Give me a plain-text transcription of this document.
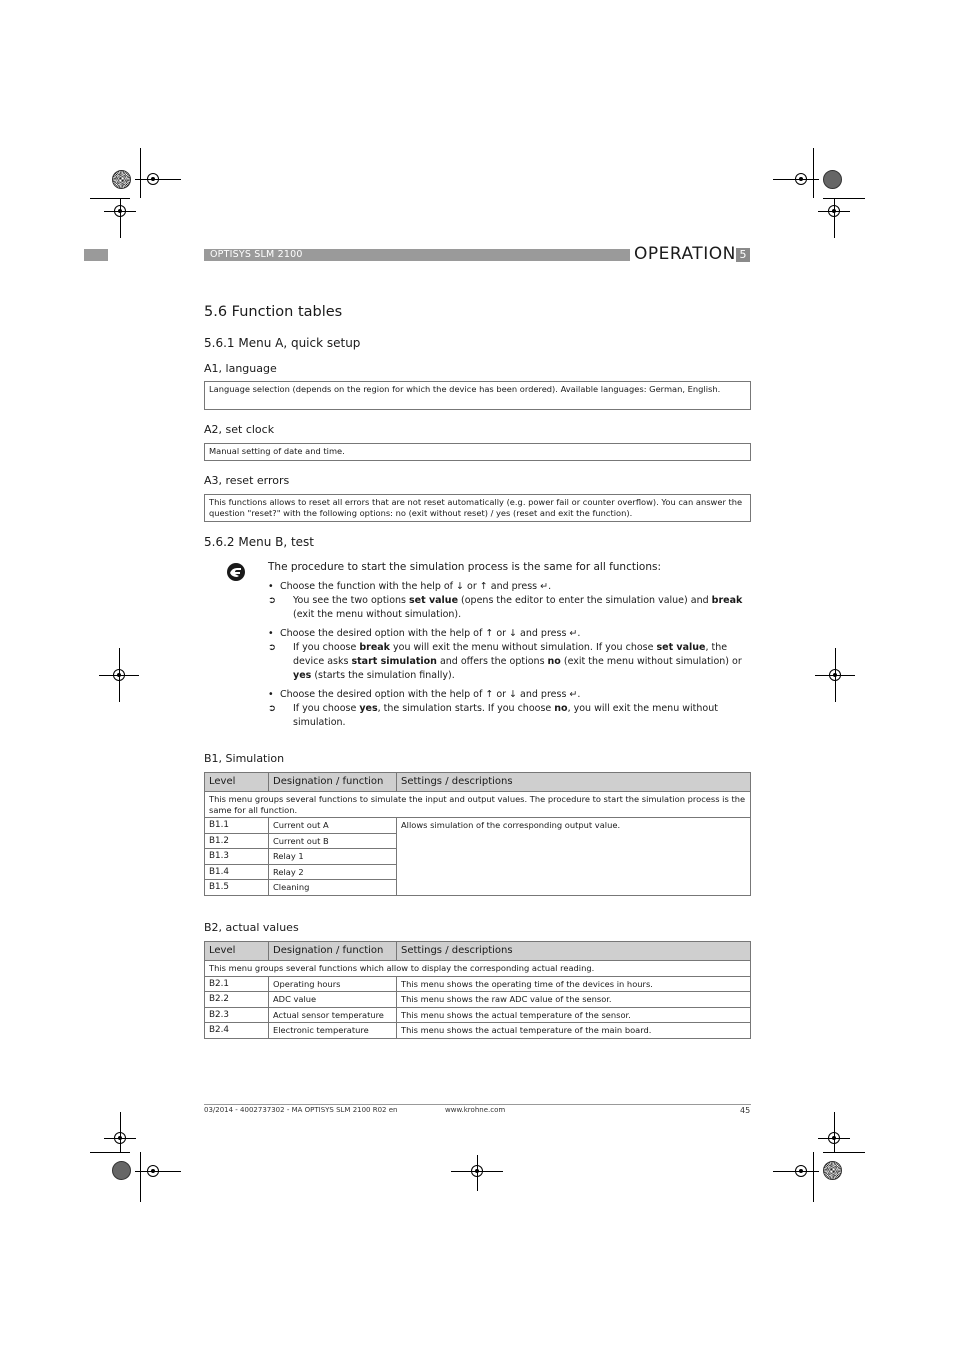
OPTISYS SLM 2100	OPERATION 5
5.6 Function tables
5.6.1 Menu A, quick setup
A1, language
Language selection (depends on the region for which the device has been ordered). Available languages: German, English.
A2, set clock
Manual setting of date and time.
A3, reset errors
This functions allows to reset all errors that are not reset automatically (e.g. power fail or counter overflow). You can answer the question "reset?" with the following options: no (exit without reset) / yes (reset and exit the function).
5.6.2 Menu B, test
The procedure to start the simulation process is the same for all functions:
• Choose the function with the help of ↓ or ↑ and press ↵.
➲ You see the two options set value (opens the editor to enter the simulation value) and break (exit the menu without simulation).
• Choose the desired option with the help of ↑ or ↓ and press ↵.
➲ If you choose break you will exit the menu without simulation. If you chose set value, the device asks start simulation and offers the options no (exit the menu without simulation) or yes (starts the simulation finally).
• Choose the desired option with the help of ↑ or ↓ and press ↵.
➲ If you choose yes, the simulation starts. If you choose no, you will exit the menu without simulation.
B1, Simulation
Level	Designation / function	Settings / descriptions
This menu groups several functions to simulate the input and output values. The procedure to start the simulation process is the same for all function.		
B1.1	Current out A	Allows simulation of the corresponding output value.
B1.2	Current out B	
B1.3	Relay 1	
B1.4	Relay 2	
B1.5	Cleaning	
B2, actual values
Level	Designation / function	Settings / descriptions
This menu groups several functions which allow to display the corresponding actual reading.		
B2.1	Operating hours	This menu shows the operating time of the devices in hours.
B2.2	ADC value	This menu shows the raw ADC value of the sensor.
B2.3	Actual sensor temperature	This menu shows the actual temperature of the sensor.
B2.4	Electronic temperature	This menu shows the actual temperature of the main board.
03/2014 - 4002737302 - MA OPTISYS SLM 2100 R02 en	www.krohne.com	45
